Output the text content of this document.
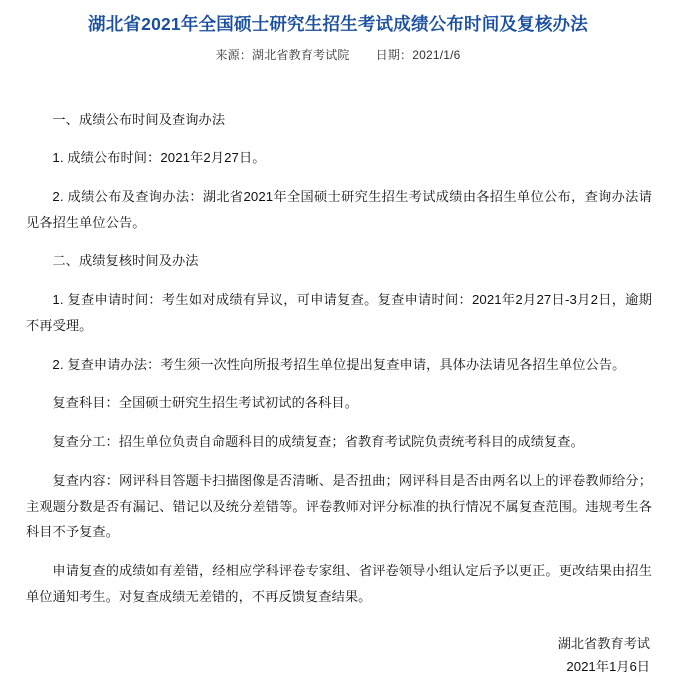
湖北省2021年全国硕士研究生招生考试成绩公布时间及复核办法
来源：湖北省教育考试院 日期：2021/1/6
一、成绩公布时间及查询办法

1. 成绩公布时间：2021年2月27日。

2. 成绩公布及查询办法：湖北省2021年全国硕士研究生招生考试成绩由各招生单位公布，查询办法请见各招生单位公告。

二、成绩复核时间及办法

1. 复查申请时间：考生如对成绩有异议，可申请复查。复查申请时间：2021年2月27日-3月2日，逾期不再受理。

2. 复查申请办法：考生须一次性向所报考招生单位提出复查申请，具体办法请见各招生单位公告。

复查科目：全国硕士研究生招生考试初试的各科目。

复查分工：招生单位负责自命题科目的成绩复查；省教育考试院负责统考科目的成绩复查。

复查内容：网评科目答题卡扫描图像是否清晰、是否扭曲；网评科目是否由两名以上的评卷教师给分；主观题分数是否有漏记、错记以及统分差错等。评卷教师对评分标准的执行情况不属复查范围。违规考生各科目不予复查。

申请复查的成绩如有差错，经相应学科评卷专家组、省评卷领导小组认定后予以更正。更改结果由招生单位通知考生。对复查成绩无差错的，不再反馈复查结果。

湖北省教育考试
2021年1月6日
